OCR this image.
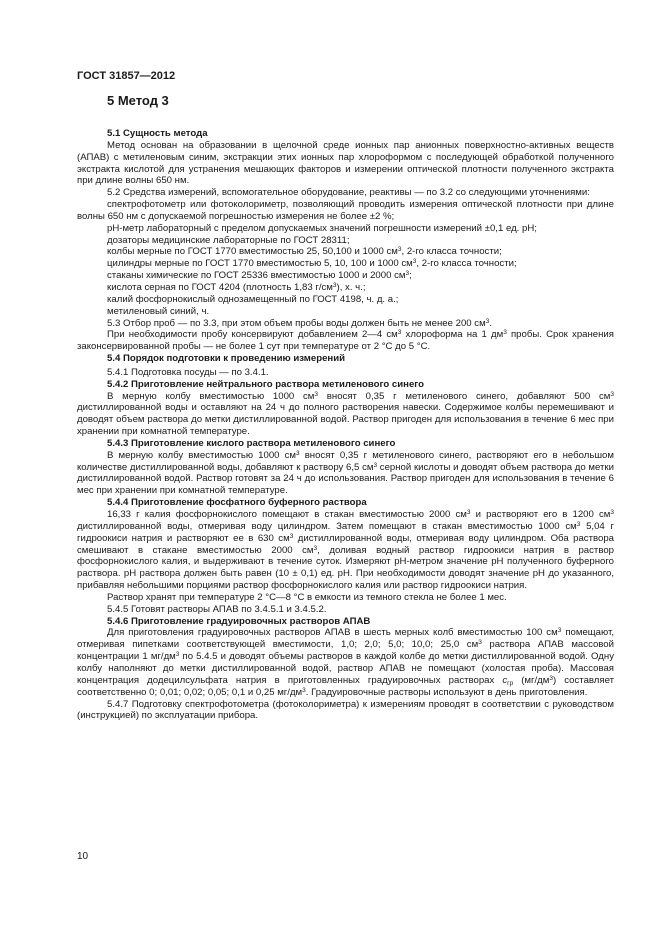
ГОСТ 31857—2012
5 Метод 3

5.1 Сущность метода

Метод основан на образовании в щелочной среде ионных пар анионных поверхностно-активных веществ (АПАВ) с метиленовым синим, экстракции этих ионных пар хлороформом с последующей обработкой полученного экстракта кислотой для устранения мешающих факторов и измерении оптической плотности полученного экстракта при длине волны 650 нм.

5.2 Средства измерений, вспомогательное оборудование, реактивы — по 3.2 со следующими уточнениями:

спектрофотометр или фотоколориметр, позволяющий проводить измерения оптической плотности при длине волны 650 нм с допускаемой погрешностью измерения не более ±2 %;

pH-метр лабораторный с пределом допускаемых значений погрешности измерений ±0,1 ед. pH;

дозаторы медицинские лабораторные по ГОСТ 28311;

колбы мерные по ГОСТ 1770 вместимостью 25, 50,100 и 1000 $см^3$, 2-го класса точности;

цилиндры мерные по ГОСТ 1770 вместимостью 5, 10, 100 и 1000 $см^3$, 2-го класса точности;

стаканы химические по ГОСТ 25336 вместимостью 1000 и 2000 $см^3$;

кислота серная по ГОСТ 4204 (плотность 1,83 $г/см^3$), х. ч.;

калий фосфорнокислый однозамещенный по ГОСТ 4198, ч. д. а.;

метиленовый синий, ч.

5.3 Отбор проб — по 3.3, при этом объем пробы воды должен быть не менее 200 $см^3$.

При необходимости пробу консервируют добавлением 2—4 $см^3$ хлороформа на 1 $дм^3$ пробы. Срок хранения законсервированной пробы — не более 1 сут при температуре от 2 °С до 5 °С.

5.4 Порядок подготовки к проведению измерений

5.4.1 Подготовка посуды — по 3.4.1.

5.4.2 Приготовление нейтрального раствора метиленового синего

В мерную колбу вместимостью 1000 $см^3$ вносят 0,35 г метиленового синего, добавляют 500 $см^3$ дистиллированной воды и оставляют на 24 ч до полного растворения навески. Содержимое колбы перемешивают и доводят объем раствора до метки дистиллированной водой. Раствор пригоден для использования в течение 6 мес при хранении при комнатной температуре.

5.4.3 Приготовление кислого раствора метиленового синего

В мерную колбу вместимостью 1000 $см^3$ вносят 0,35 г метиленового синего, растворяют его в небольшом количестве дистиллированной воды, добавляют к раствору 6,5 $см^3$ серной кислоты и доводят объем раствора до метки дистиллированной водой. Раствор готовят за 24 ч до использования. Раствор пригоден для использования в течение 6 мес при хранении при комнатной температуре.

5.4.4 Приготовление фосфатного буферного раствора

16,33 г калия фосфорнокислого помещают в стакан вместимостью 2000 $см^3$ и растворяют его в 1200 $см^3$ дистиллированной воды, отмеривая воду цилиндром. Затем помещают в стакан вместимостью 1000 $см^3$ 5,04 г гидроокиси натрия и растворяют ее в 630 $см^3$ дистиллированной воды, отмеривая воду цилиндром. Оба раствора смешивают в стакане вместимостью 2000 $см^3$, доливая водный раствор гидроокиси натрия в раствор фосфорнокислого калия, и выдерживают в течение суток. Измеряют pH-метром значение pH полученного буферного раствора. pH раствора должен быть равен (10 ± 0,1) ед. pH. При необходимости доводят значение pH до указанного, прибавляя небольшими порциями раствор фосфорнокислого калия или раствор гидроокиси натрия.

Раствор хранят при температуре 2 °С—8 °С в емкости из темного стекла не более 1 мес.

5.4.5 Готовят растворы АПАВ по 3.4.5.1 и 3.4.5.2.

5.4.6 Приготовление градуировочных растворов АПАВ

Для приготовления градуировочных растворов АПАВ в шесть мерных колб вместимостью 100 $см^3$ помещают, отмеривая пипетками соответствующей вместимости, 1,0; 2,0; 5,0; 10,0; 25,0 $см^3$ раствора АПАВ массовой концентрации 1 $мг/дм^3$ по 5.4.5 и доводят объемы растворов в каждой колбе до метки дистиллированной водой. Одну колбу наполняют до метки дистиллированной водой, раствор АПАВ не помещают (холостая проба). Массовая концентрация додецилсульфата натрия в приготовленных градуировочных растворах $с_{гр}$ $(мг/дм^3)$ составляет соответственно 0; 0,01; 0,02; 0,05; 0,1 и 0,25 $мг/дм^3$. Градуировочные растворы используют в день приготовления.

5.4.7 Подготовку спектрофотометра (фотоколориметра) к измерениям проводят в соответствии с руководством (инструкцией) по эксплуатации прибора.

10
